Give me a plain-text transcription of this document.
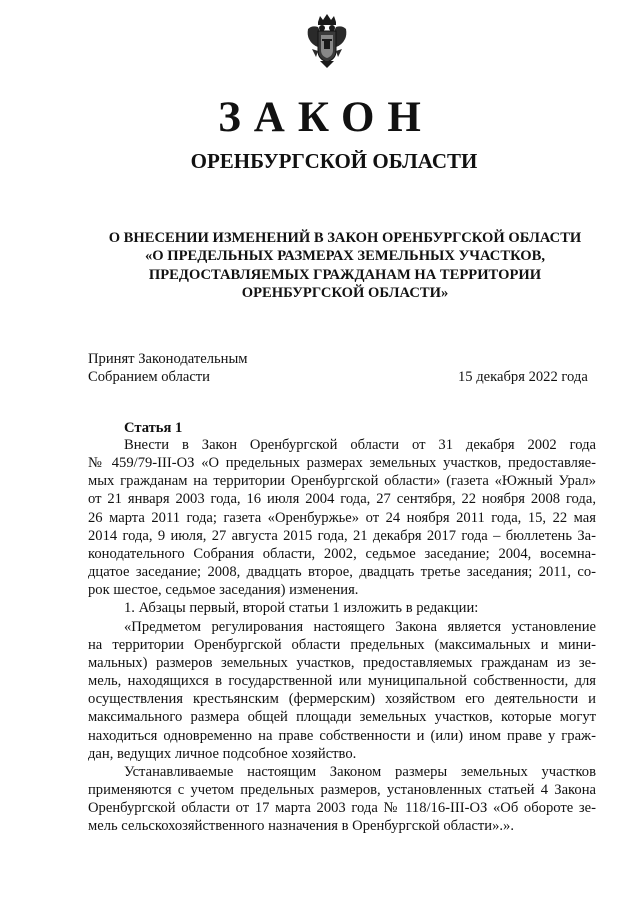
ЗАКОН
ОРЕНБУРГСКОЙ ОБЛАСТИ
О ВНЕСЕНИИ ИЗМЕНЕНИЙ В ЗАКОН ОРЕНБУРГСКОЙ ОБЛАСТИ
«О ПРЕДЕЛЬНЫХ РАЗМЕРАХ ЗЕМЕЛЬНЫХ УЧАСТКОВ,
ПРЕДОСТАВЛЯЕМЫХ ГРАЖДАНАМ НА ТЕРРИТОРИИ
ОРЕНБУРГСКОЙ ОБЛАСТИ»
Принят Законодательным
Собранием области	15 декабря 2022 года
Статья 1
Внести в Закон Оренбургской области от 31 декабря 2002 года
№ 459/79-III-ОЗ «О предельных размерах земельных участков, предоставляе-
мых гражданам на территории Оренбургской области» (газета «Южный Урал»
от 21 января 2003 года, 16 июля 2004 года, 27 сентября, 22 ноября 2008 года,
26 марта 2011 года; газета «Оренбуржье» от 24 ноября 2011 года, 15, 22 мая
2014 года, 9 июля, 27 августа 2015 года, 21 декабря 2017 года – бюллетень За-
конодательного Собрания области, 2002, седьмое заседание; 2004, восемна-
дцатое заседание; 2008, двадцать второе, двадцать третье заседания; 2011, со-
рок шестое, седьмое заседания) изменения.
1. Абзацы первый, второй статьи 1 изложить в редакции:
«Предметом регулирования настоящего Закона является установление
на территории Оренбургской области предельных (максимальных и мини-
мальных) размеров земельных участков, предоставляемых гражданам из зе-
мель, находящихся в государственной или муниципальной собственности, для
осуществления крестьянским (фермерским) хозяйством его деятельности и
максимального размера общей площади земельных участков, которые могут
находиться одновременно на праве собственности и (или) ином праве у граж-
дан, ведущих личное подсобное хозяйство.
Устанавливаемые настоящим Законом размеры земельных участков
применяются с учетом предельных размеров, установленных статьей 4 Закона
Оренбургской области от 17 марта 2003 года № 118/16-III-ОЗ «Об обороте зе-
мель сельскохозяйственного назначения в Оренбургской области».».
